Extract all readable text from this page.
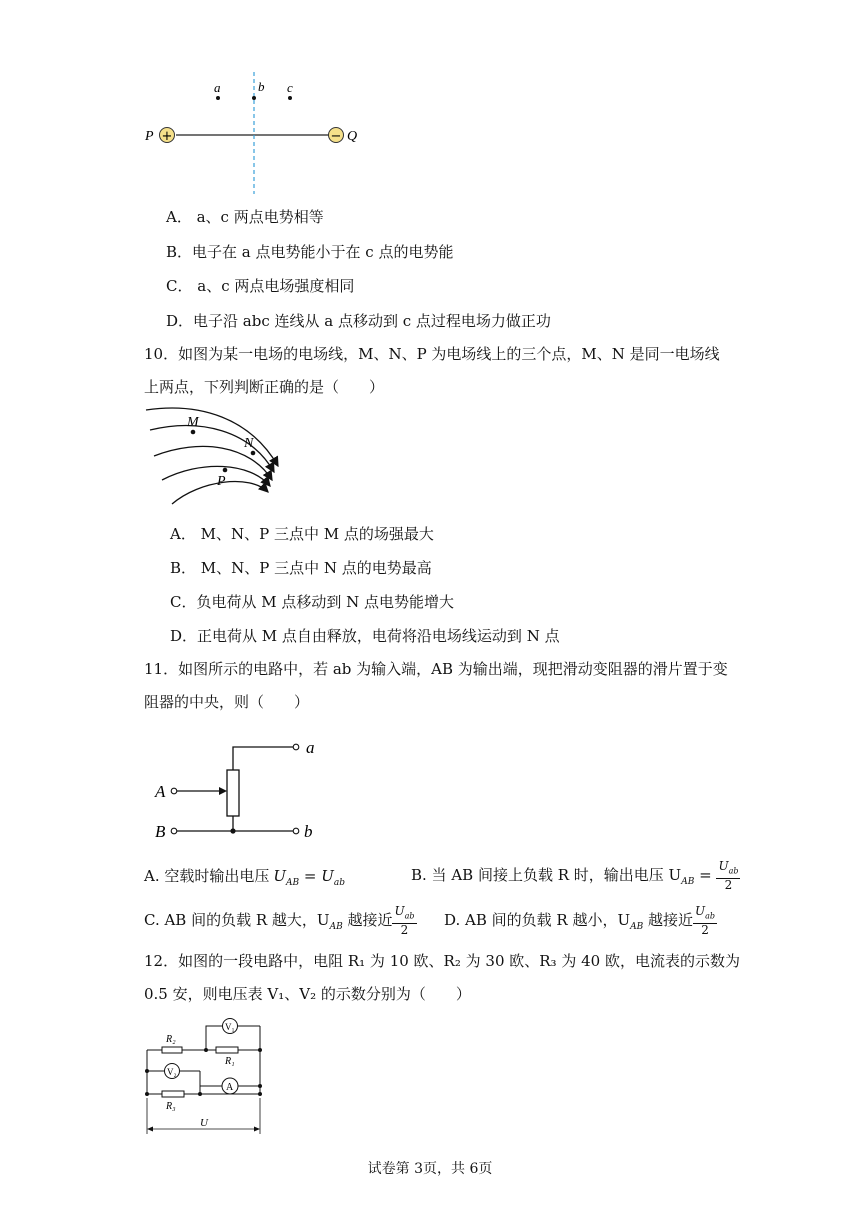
+	−
a	b c
P	Q
A． a、c 两点电势相等
B．电子在 a 点电势能小于在 c 点的电势能
C． a、c 两点电场强度相同
D．电子沿 abc 连线从 a 点移动到 c 点过程电场力做正功
10．如图为某一电场的电场线，M、N、P 为电场线上的三个点，M、N 是同一电场线
上两点，下列判断正确的是（　　）
M
N
P
A． M、N、P 三点中 M 点的场强最大
B． M、N、P 三点中 N 点的电势最高
C．负电荷从 M 点移动到 N 点电势能增大
D．正电荷从 M 点自由释放，电荷将沿电场线运动到 N 点
11．如图所示的电路中，若 ab 为输入端，AB 为输出端，现把滑动变阻器的滑片置于变
阻器的中央，则（　　）
a
b
A
B
A. 空载时输出电压 $U_{AB} = U_{ab}$	B. 当 AB 间接上负载 R 时，输出电压 $U_{AB} = \frac{U_{ab}}{2}$
C. AB 间的负载 R 越大，$U_{AB}$ 越接近 $\frac{U_{ab}}{2} D$. AB 间的负载 R 越小，$U_{AB}$ 越接近 $\frac{U_{ab}}{2}$
12．如图的一段电路中，电阻 R₁ 为 10 欧、R₂ 为 30 欧、R₃ 为 40 欧，电流表的示数为
0.5 安，则电压表 V₁、V₂ 的示数分别为（　　）
R₂
R₁
R₃
V₁
V₂
A
U
试卷第 3页，共 6页
